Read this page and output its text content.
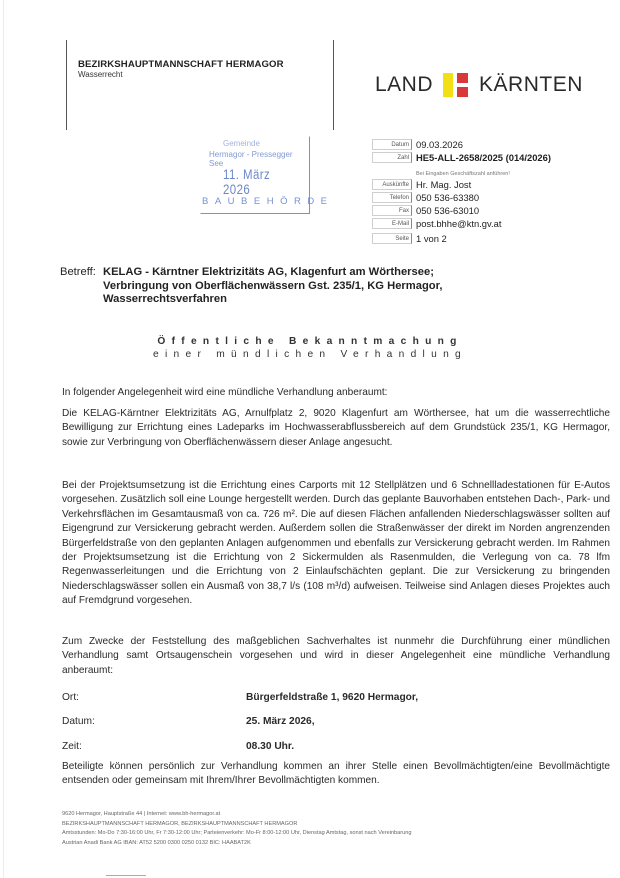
BEZIRKSHAUPTMANNSCHAFT HERMAGOR
Wasserrecht	LAND KÄRNTEN
Gemeinde
Hermagor - Pressegger See
11. März 2026
BAUBEHÖRDE
Datum 09.03.2026
Zahl HE5-ALL-2658/2025 (014/2026)
Bei Eingaben Geschäftszahl anführen!
Auskünfte Hr. Mag. Jost
Telefon 050 536-63380
Fax 050 536-63010
E-Mail post.bhhe@ktn.gv.at
Seite 1 von 2
Betreff: KELAG - Kärntner Elektrizitäts AG, Klagenfurt am Wörthersee;
Verbringung von Oberflächenwässern Gst. 235/1, KG Hermagor,
Wasserrechtsverfahren
Öffentliche Bekanntmachung
einer mündlichen Verhandlung
In folgender Angelegenheit wird eine mündliche Verhandlung anberaumt:
Die KELAG-Kärntner Elektrizitäts AG, Arnulfplatz 2, 9020 Klagenfurt am Wörthersee, hat um die wasserrechtliche Bewilligung zur Errichtung eines Ladeparks im Hochwasserabflussbereich auf dem Grundstück 235/1, KG Hermagor, sowie zur Verbringung von Oberflächenwässern dieser Anlage angesucht.
Bei der Projektsumsetzung ist die Errichtung eines Carports mit 12 Stellplätzen und 6 Schnellladestationen für E-Autos vorgesehen. Zusätzlich soll eine Lounge hergestellt werden. Durch das geplante Bauvorhaben entstehen Dach-, Park- und Verkehrsflächen im Gesamtausmaß von ca. 726 m². Die auf diesen Flächen anfallenden Niederschlagswässer sollten auf Eigengrund zur Versickerung gebracht werden. Außerdem sollen die Straßenwässer der direkt im Norden angrenzenden Bürgerfeldstraße von den geplanten Anlagen aufgenommen und ebenfalls zur Versickerung gebracht werden. Im Rahmen der Projektsumsetzung ist die Errichtung von 2 Sickermulden als Rasenmulden, die Verlegung von ca. 78 lfm Regenwasserleitungen und die Errichtung von 2 Einlaufschächten geplant. Die zur Versickerung zu bringenden Niederschlagswässer sollen ein Ausmaß von 38,7 l/s (108 m³/d) aufweisen. Teilweise sind Anlagen dieses Projektes auch auf Fremdgrund vorgesehen.
Zum Zwecke der Feststellung des maßgeblichen Sachverhaltes ist nunmehr die Durchführung einer mündlichen Verhandlung samt Ortsaugenschein vorgesehen und wird in dieser Angelegenheit eine mündliche Verhandlung anberaumt:
Ort:	Bürgerfeldstraße 1, 9620 Hermagor,
Datum:	25. März 2026,
Zeit:	08.30 Uhr.
Beteiligte können persönlich zur Verhandlung kommen an ihrer Stelle einen Bevollmächtigten/eine Bevollmächtigte entsenden oder gemeinsam mit Ihrem/Ihrer Bevollmächtigten kommen.
9620 Hermagor, Hauptstraße 44 | Internet: www.bh-hermagor.at
BEZIRKSHAUPTMANNSCHAFT HERMAGOR, BEZIRKSHAUPTMANNSCHAFT HERMAGOR
Amtsstunden: Mo-Do 7:30-16:00 Uhr, Fr 7:30-12:00 Uhr; Parteienverkehr: Mo-Fr 8:00-12:00 Uhr, Dienstag Amtstag, sonst nach Vereinbarung
Austrian Anadi Bank AG IBAN: AT52 5200 0300 0250 0132 BIC: HAABAT2K
